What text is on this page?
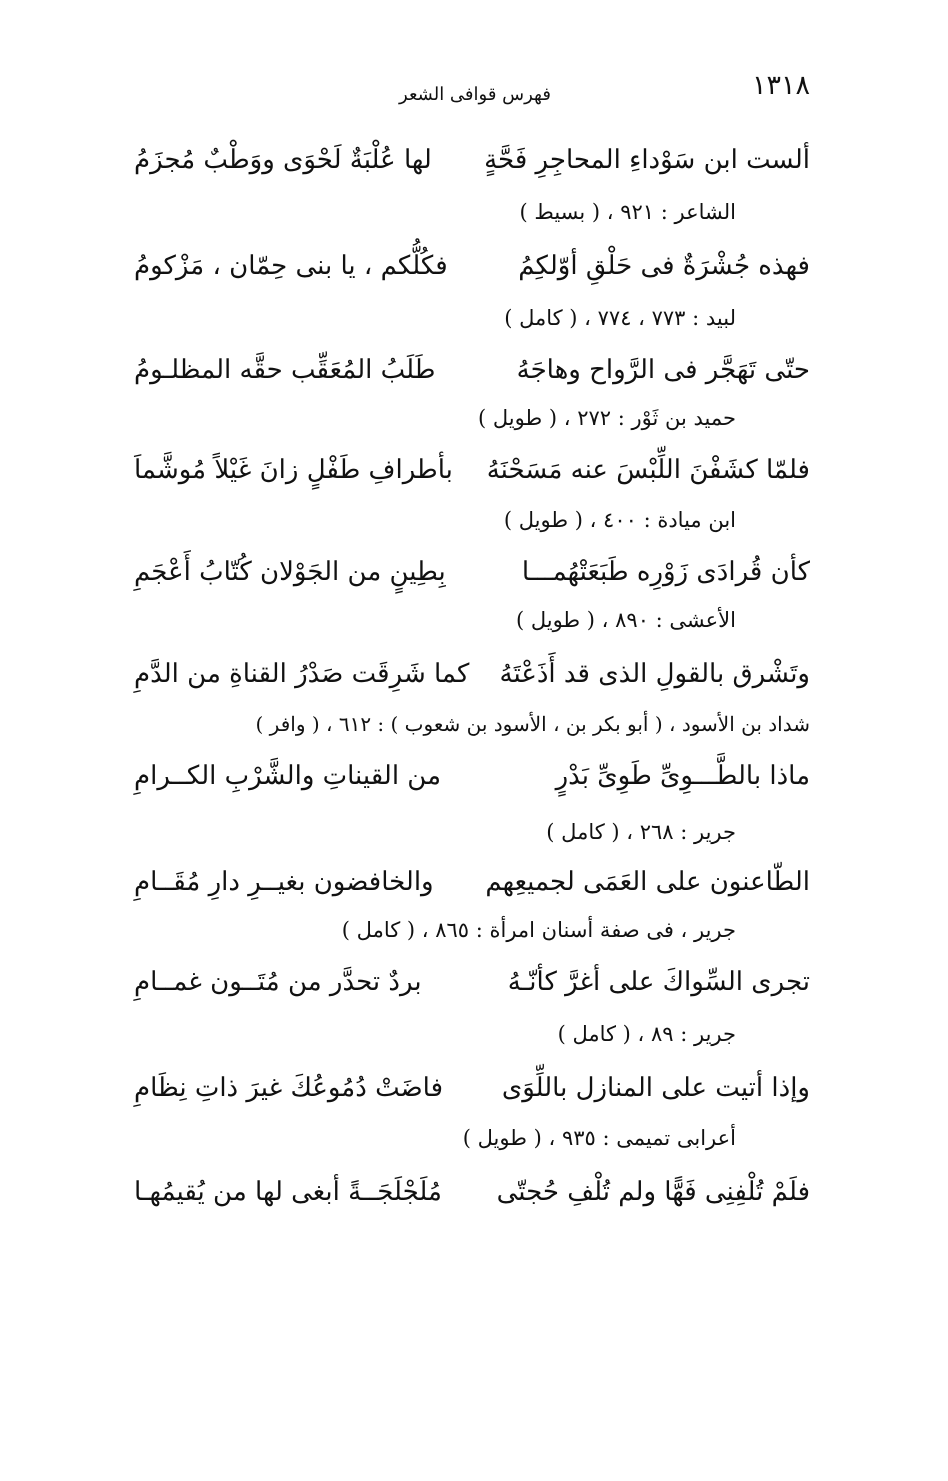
١٣١٨
فهرس قوافى الشعر
ألست ابن سَوْداءِ المحاجِرِ فَحَّةٍ
لها عُلْبَةٌ لَحْوَى ووَطْبٌ مُجزَمُ
الشاعر : ٩٢١ ، ( بسيط )
فهذه جُشْرَةٌ فى حَلْقِ أوّلكِمُ
فكُلُّكم ، يا بنى حِمّان ، مَزْكومُ
لبيد : ٧٧٣ ، ٧٧٤ ، ( كامل )
حتّى تَهَجَّر فى الرَّواح وهاجَهُ
طَلَبُ المُعَقِّب حقَّه المظلـومُ
حميد بن ثَوْر : ٢٧٢ ، ( طويل )
فلمّا كشَفْنَ اللِّبْسَ عنه مَسَحْنَهُ
بأطرافِ طَفْلٍ زانَ غَيْلاً مُوشَّماَ
ابن ميادة : ٤٠٠ ، ( طويل )
كأن قُرادَى زَوْرِه طَبَعَتْهُمـــا
بِطِينٍ من الجَوْلان كُتّابُ أَعْجَمِ
الأعشى : ٨٩٠ ، ( طويل )
وتَشْرق بالقولِ الذى قد أَذَعْتَهُ
كما شَرِقَت صَدْرُ القناةِ من الدَّمِ
شداد بن الأسود ، ( أبو بكر بن ، الأسود بن شعوب ) : ٦١٢ ، ( وافر )
ماذا بالطَّـــوِىِّ طَوِىِّ بَدْرٍ
من القيناتِ والشَّرْبِ الكــرامِ
جرير : ٢٦٨ ، ( كامل )
الطّاعنون على العَمَى لجميعِهم
والخافضون بغيــرِ دارِ مُقَــامِ
جرير ، فى صفة أسنان امرأة : ٨٦٥ ، ( كامل )
تجرى السِّواكَ على أغرَّ كأنّـهُ
بردٌ تحدَّر من مُتَــون غمــامِ
جرير : ٨٩ ، ( كامل )
وإذا أتيت على المنازل باللِّوَى
فاضَتْ دُمُوعُكَ غيرَ ذاتِ نِظَامِ
أعرابى تميمى : ٩٣٥ ، ( طويل )
فلَمْ تُلْفِنِى فَهًّا ولم تُلْفِ حُجتّى
مُلَجْلَجَــةً أبغى لها من يُقيمُهـا
